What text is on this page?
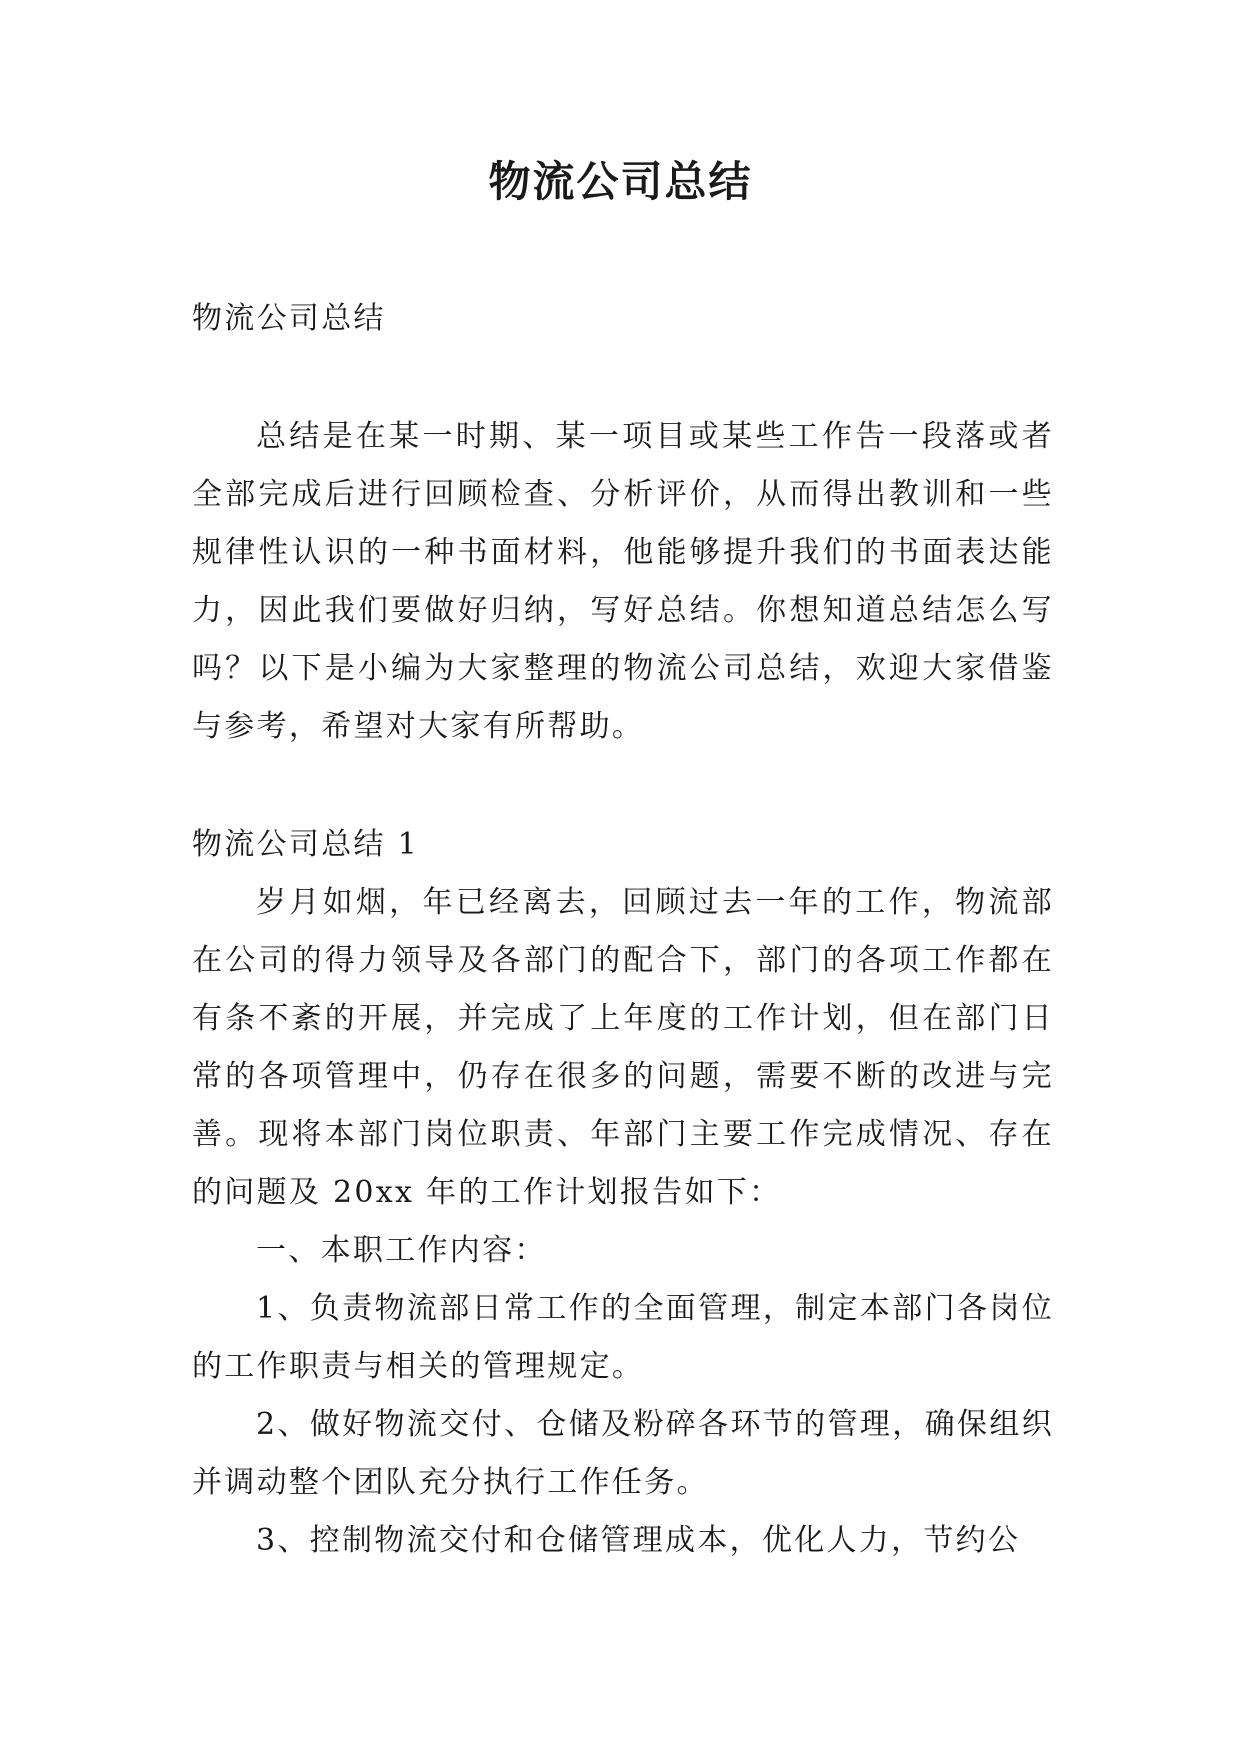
物流公司总结

物流公司总结

总结是在某一时期、某一项目或某些工作告一段落或者全部完成后进行回顾检查、分析评价，从而得出教训和一些规律性认识的一种书面材料，他能够提升我们的书面表达能力，因此我们要做好归纳，写好总结。你想知道总结怎么写吗？以下是小编为大家整理的物流公司总结，欢迎大家借鉴与参考，希望对大家有所帮助。

物流公司总结 1

岁月如烟，年已经离去，回顾过去一年的工作，物流部在公司的得力领导及各部门的配合下，部门的各项工作都在有条不紊的开展，并完成了上年度的工作计划，但在部门日常的各项管理中，仍存在很多的问题，需要不断的改进与完善。现将本部门岗位职责、年部门主要工作完成情况、存在的问题及 20xx 年的工作计划报告如下：

一、本职工作内容：

1、负责物流部日常工作的全面管理，制定本部门各岗位的工作职责与相关的管理规定。

2、做好物流交付、仓储及粉碎各环节的管理，确保组织并调动整个团队充分执行工作任务。

3、控制物流交付和仓储管理成本，优化人力，节约公
